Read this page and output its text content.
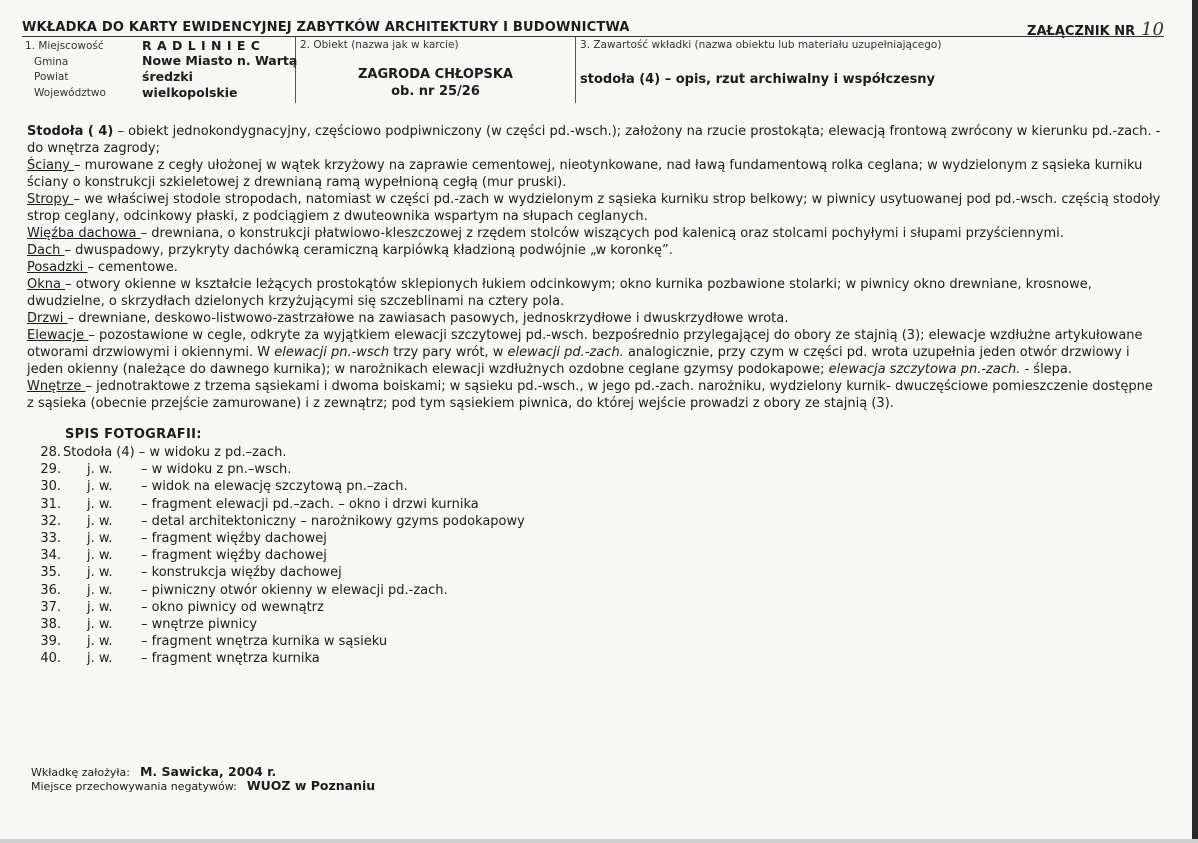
WKŁADKA DO KARTY EWIDENCYJNEJ ZABYTKÓW ARCHITEKTURY I BUDOWNICTWA	ZAŁĄCZNIK NR 10
1. Miejscowość	R A D L I N I E C
Gmina	Nowe Miasto n. Wartą
Powiat	średzki
Województwo	wielkopolskie
2. Obiekt (nazwa jak w karcie)
ZAGRODA CHŁOPSKA
ob. nr 25/26
3. Zawartość wkładki (nazwa obiektu lub materiału uzupełniającego)
stodoła (4) – opis, rzut archiwalny i współczesny

Stodoła ( 4) – obiekt jednokondygnacyjny, częściowo podpiwniczony (w części pd.-wsch.); założony na rzucie prostokąta; elewacją frontową zwrócony w kierunku pd.-zach. - do wnętrza zagrody;

Ściany – murowane z cegły ułożonej w wątek krzyżowy na zaprawie cementowej, nieotynkowane, nad ławą fundamentową rolka ceglana; w wydzielonym z sąsieka kurniku ściany o konstrukcji szkieletowej z drewnianą ramą wypełnioną cegłą (mur pruski).

Stropy – we właściwej stodole stropodach, natomiast w części pd.-zach w wydzielonym z sąsieka kurniku strop belkowy; w piwnicy usytuowanej pod pd.-wsch. częścią stodoły strop ceglany, odcinkowy płaski, z podciągiem z dwuteownika wspartym na słupach ceglanych.

Więźba dachowa – drewniana, o konstrukcji płatwiowo-kleszczowej z rzędem stolców wiszących pod kalenicą oraz stolcami pochyłymi i słupami przyściennymi.

Dach – dwuspadowy, przykryty dachówką ceramiczną karpiówką kładzioną podwójnie „w koronkę”.

Posadzki – cementowe.

Okna – otwory okienne w kształcie leżących prostokątów sklepionych łukiem odcinkowym; okno kurnika pozbawione stolarki; w piwnicy okno drewniane, krosnowe, dwudzielne, o skrzydłach dzielonych krzyżującymi się szczeblinami na cztery pola.

Drzwi – drewniane, deskowo-listwowo-zastrzałowe na zawiasach pasowych, jednoskrzydłowe i dwuskrzydłowe wrota.

Elewacje – pozostawione w cegle, odkryte za wyjątkiem elewacji szczytowej pd.-wsch. bezpośrednio przylegającej do obory ze stajnią (3); elewacje wzdłużne artykułowane otworami drzwiowymi i okiennymi. W elewacji pn.-wsch trzy pary wrót, w elewacji pd.-zach. analogicznie, przy czym w części pd. wrota uzupełnia jeden otwór drzwiowy i jeden okienny (należące do dawnego kurnika); w narożnikach elewacji wzdłużnych ozdobne ceglane gzymsy podokapowe; elewacja szczytowa pn.-zach. - ślepa.

Wnętrze – jednotraktowe z trzema sąsiekami i dwoma boiskami; w sąsieku pd.-wsch., w jego pd.-zach. narożniku, wydzielony kurnik- dwuczęściowe pomieszczenie dostępne z sąsieka (obecnie przejście zamurowane) i z zewnątrz; pod tym sąsiekiem piwnica, do której wejście prowadzi z obory ze stajnią (3).

SPIS FOTOGRAFII:
28. Stodoła (4) – w widoku z pd.–zach.
29. j. w. – w widoku z pn.–wsch.
30. j. w. – widok na elewację szczytową pn.–zach.
31. j. w. – fragment elewacji pd.–zach. – okno i drzwi kurnika
32. j. w. – detal architektoniczny – narożnikowy gzyms podokapowy
33. j. w. – fragment więźby dachowej
34. j. w. – fragment więźby dachowej
35. j. w. – konstrukcja więźby dachowej
36. j. w. – piwniczny otwór okienny w elewacji pd.-zach.
37. j. w. – okno piwnicy od wewnątrz
38. j. w. – wnętrze piwnicy
39. j. w. – fragment wnętrza kurnika w sąsieku
40. j. w. – fragment wnętrza kurnika
Wkładkę założyła: M. Sawicka, 2004 r.
Miejsce przechowywania negatywów: WUOZ w Poznaniu
